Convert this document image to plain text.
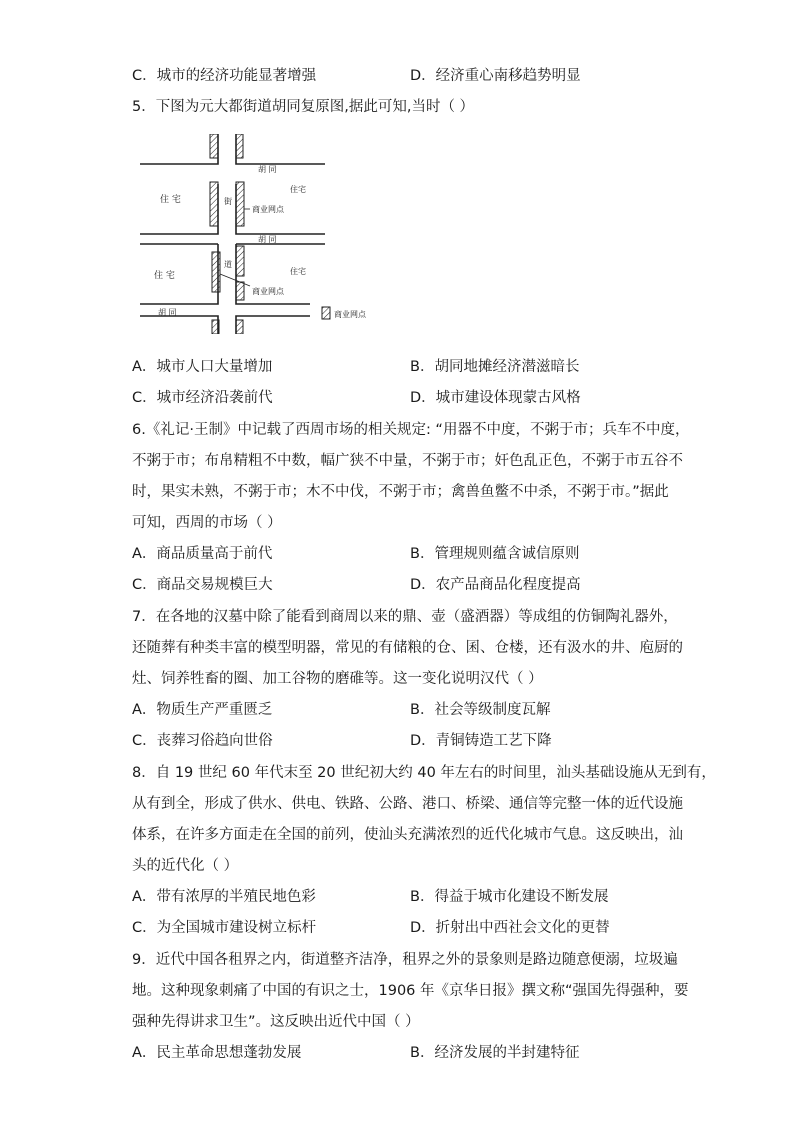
C．城市的经济功能显著增强	D．经济重心南移趋势明显
5．下图为元大都街道胡同复原图,据此可知,当时（ ）
胡 同
住 宅
住宅
街
商业网点
胡 同
道
住 宅	住宅
商业网点
胡 同	商业网点
A．城市人口大量增加	B．胡同地摊经济潜滋暗长
C．城市经济沿袭前代	D．城市建设体现蒙古风格
6.《礼记·王制》中记载了西周市场的相关规定: “用器不中度，不粥于市；兵车不中度，
不粥于市；布帛精粗不中数，幅广狭不中量，不粥于市；奸色乱正色，不粥于市五谷不
时，果实未熟，不粥于市；木不中伐，不粥于市；禽兽鱼鳖不中杀，不粥于市。”据此
可知，西周的市场（ ）
A．商品质量高于前代	B．管理规则蕴含诚信原则
C．商品交易规模巨大	D．农产品商品化程度提高
7．在各地的汉墓中除了能看到商周以来的鼎、壶（盛酒器）等成组的仿铜陶礼器外，
还随葬有种类丰富的模型明器，常见的有储粮的仓、囷、仓楼，还有汲水的井、庖厨的
灶、饲养牲畜的圈、加工谷物的磨碓等。这一变化说明汉代（ ）
A．物质生产严重匮乏	B．社会等级制度瓦解
C．丧葬习俗趋向世俗	D．青铜铸造工艺下降
8．自 19 世纪 60 年代末至 20 世纪初大约 40 年左右的时间里，汕头基础设施从无到有，
从有到全，形成了供水、供电、铁路、公路、港口、桥梁、通信等完整一体的近代设施
体系，在许多方面走在全国的前列，使汕头充满浓烈的近代化城市气息。这反映出，汕
头的近代化（ ）
A．带有浓厚的半殖民地色彩	B．得益于城市化建设不断发展
C．为全国城市建设树立标杆	D．折射出中西社会文化的更替
9．近代中国各租界之内，街道整齐洁净，租界之外的景象则是路边随意便溺，垃圾遍
地。这种现象刺痛了中国的有识之士，1906 年《京华日报》撰文称“强国先得强种，要
强种先得讲求卫生”。这反映出近代中国（ ）
A．民主革命思想蓬勃发展	B．经济发展的半封建特征
